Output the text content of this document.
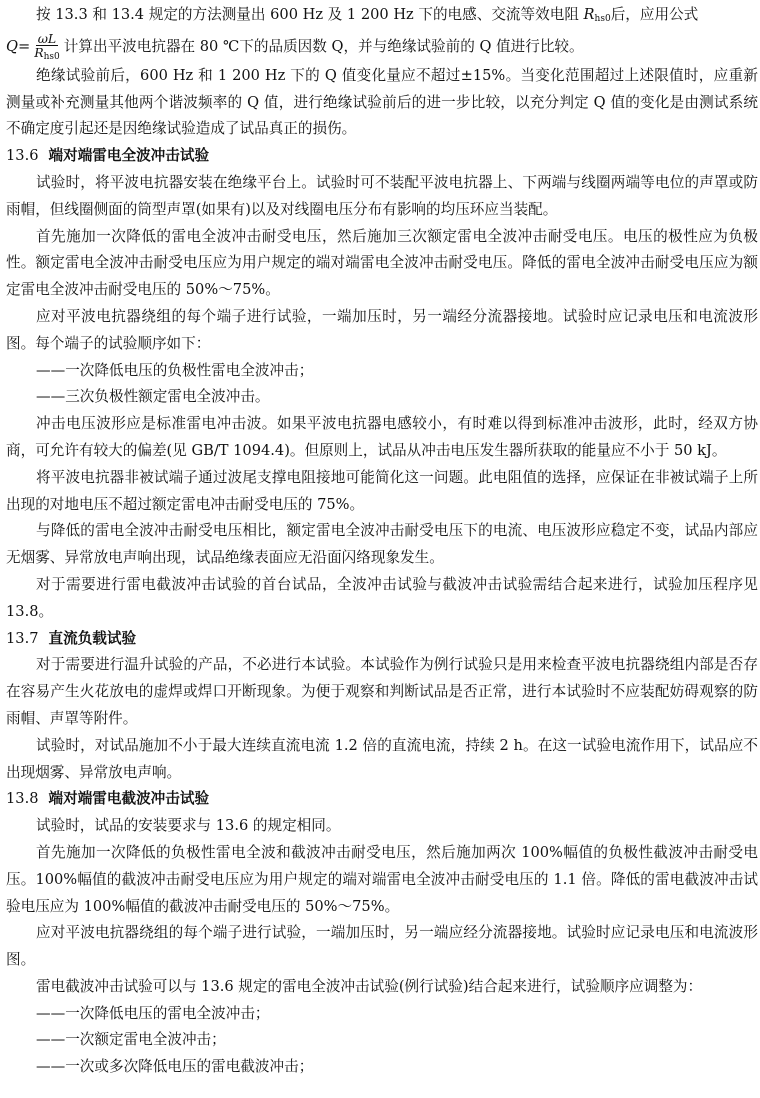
按 13.3 和 13.4 规定的方法测量出 600 Hz 及 1 200 Hz 下的电感、交流等效电阻 $R_{hs0}$后，应用公式

$Q = \frac{\omega L}{R_{hs0}}$ 计算出平波电抗器在 80 ℃下的品质因数 Q，并与绝缘试验前的 Q 值进行比较。

绝缘试验前后，600 Hz 和 1 200 Hz 下的 Q 值变化量应不超过±15%。当变化范围超过上述限值时，应重新测量或补充测量其他两个谐波频率的 Q 值，进行绝缘试验前后的进一步比较，以充分判定 Q 值的变化是由测试系统不确定度引起还是因绝缘试验造成了试品真正的损伤。

13.6 端对端雷电全波冲击试验

试验时，将平波电抗器安装在绝缘平台上。试验时可不装配平波电抗器上、下两端与线圈两端等电位的声罩或防雨帽，但线圈侧面的筒型声罩(如果有)以及对线圈电压分布有影响的均压环应当装配。

首先施加一次降低的雷电全波冲击耐受电压，然后施加三次额定雷电全波冲击耐受电压。电压的极性应为负极性。额定雷电全波冲击耐受电压应为用户规定的端对端雷电全波冲击耐受电压。降低的雷电全波冲击耐受电压应为额定雷电全波冲击耐受电压的 50%～75%。

应对平波电抗器绕组的每个端子进行试验，一端加压时，另一端经分流器接地。试验时应记录电压和电流波形图。每个端子的试验顺序如下：

——一次降低电压的负极性雷电全波冲击；

——三次负极性额定雷电全波冲击。

冲击电压波形应是标准雷电冲击波。如果平波电抗器电感较小，有时难以得到标准冲击波形，此时，经双方协商，可允许有较大的偏差(见 GB/T 1094.4)。但原则上，试品从冲击电压发生器所获取的能量应不小于 50 kJ。

将平波电抗器非被试端子通过波尾支撑电阻接地可能简化这一问题。此电阻值的选择，应保证在非被试端子上所出现的对地电压不超过额定雷电冲击耐受电压的 75%。

与降低的雷电全波冲击耐受电压相比，额定雷电全波冲击耐受电压下的电流、电压波形应稳定不变，试品内部应无烟雾、异常放电声响出现，试品绝缘表面应无沿面闪络现象发生。

对于需要进行雷电截波冲击试验的首台试品，全波冲击试验与截波冲击试验需结合起来进行，试验加压程序见 13.8。

13.7 直流负载试验

对于需要进行温升试验的产品，不必进行本试验。本试验作为例行试验只是用来检查平波电抗器绕组内部是否存在容易产生火花放电的虚焊或焊口开断现象。为便于观察和判断试品是否正常，进行本试验时不应装配妨碍观察的防雨帽、声罩等附件。

试验时，对试品施加不小于最大连续直流电流 1.2 倍的直流电流，持续 2 h。在这一试验电流作用下，试品应不出现烟雾、异常放电声响。

13.8 端对端雷电截波冲击试验

试验时，试品的安装要求与 13.6 的规定相同。

首先施加一次降低的负极性雷电全波和截波冲击耐受电压，然后施加两次 100%幅值的负极性截波冲击耐受电压。100%幅值的截波冲击耐受电压应为用户规定的端对端雷电全波冲击耐受电压的 1.1 倍。降低的雷电截波冲击试验电压应为 100%幅值的截波冲击耐受电压的 50%～75%。

应对平波电抗器绕组的每个端子进行试验，一端加压时，另一端应经分流器接地。试验时应记录电压和电流波形图。

雷电截波冲击试验可以与 13.6 规定的雷电全波冲击试验(例行试验)结合起来进行，试验顺序应调整为：

——一次降低电压的雷电全波冲击；

——一次额定雷电全波冲击；

——一次或多次降低电压的雷电截波冲击；
